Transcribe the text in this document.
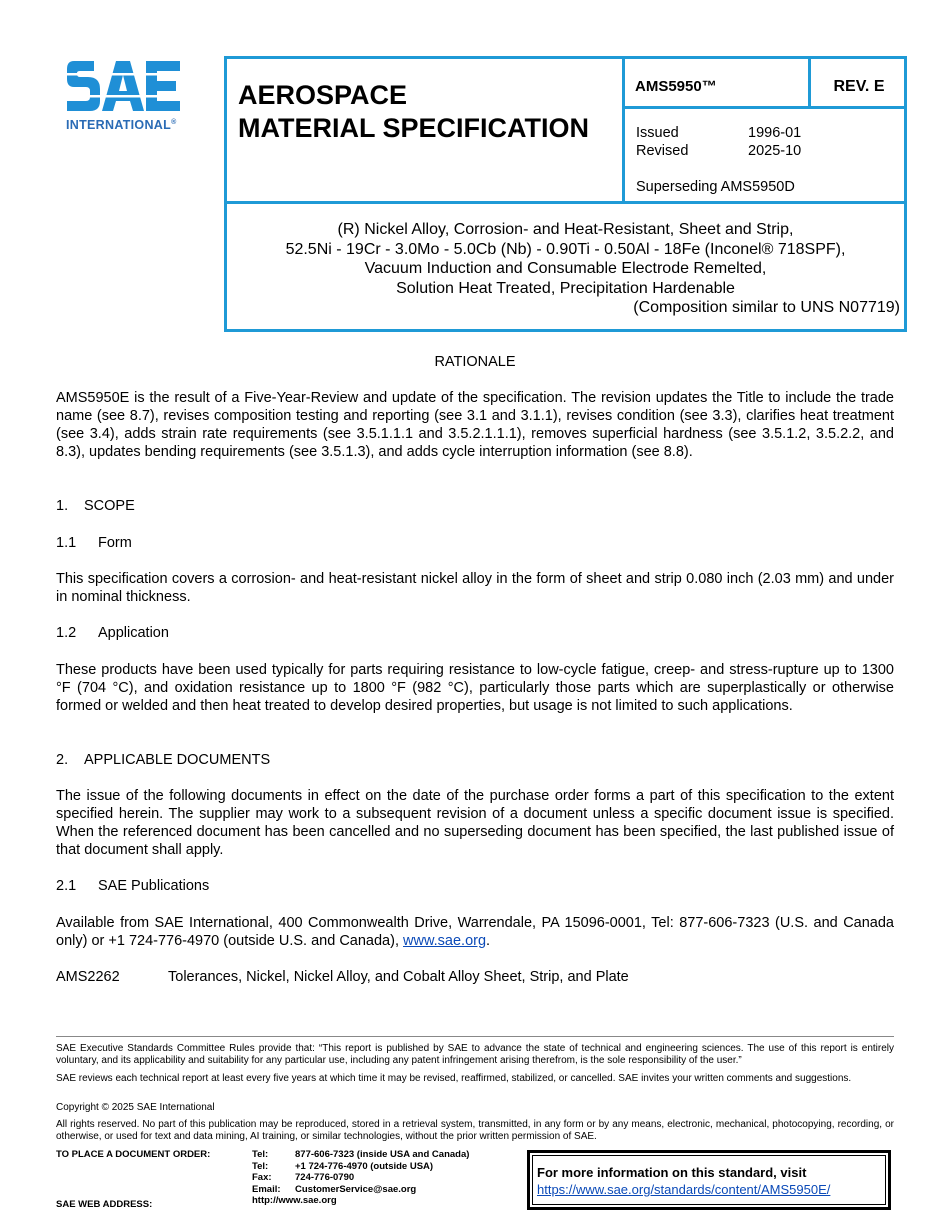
INTERNATIONAL®
AEROSPACE
MATERIAL SPECIFICATION
AMS5950™	REV. E
Issued	1996-01
Revised	2025-10
Superseding AMS5950D
(R) Nickel Alloy, Corrosion- and Heat-Resistant, Sheet and Strip,
52.5Ni - 19Cr - 3.0Mo - 5.0Cb (Nb) - 0.90Ti - 0.50Al - 18Fe (Inconel® 718SPF),
Vacuum Induction and Consumable Electrode Remelted,
Solution Heat Treated, Precipitation Hardenable
(Composition similar to UNS N07719)
RATIONALE
AMS5950E is the result of a Five-Year-Review and update of the specification. The revision updates the Title to include the trade name (see 8.7), revises composition testing and reporting (see 3.1 and 3.1.1), revises condition (see 3.3), clarifies heat treatment (see 3.4), adds strain rate requirements (see 3.5.1.1.1 and 3.5.2.1.1.1), removes superficial hardness (see 3.5.1.2, 3.5.2.2, and 8.3), updates bending requirements (see 3.5.1.3), and adds cycle interruption information (see 8.8).
1. SCOPE
1.1 Form
This specification covers a corrosion- and heat-resistant nickel alloy in the form of sheet and strip 0.080 inch (2.03 mm) and under in nominal thickness.
1.2 Application
These products have been used typically for parts requiring resistance to low-cycle fatigue, creep- and stress-rupture up to 1300 °F (704 °C), and oxidation resistance up to 1800 °F (982 °C), particularly those parts which are superplastically or otherwise formed or welded and then heat treated to develop desired properties, but usage is not limited to such applications.
2. APPLICABLE DOCUMENTS
The issue of the following documents in effect on the date of the purchase order forms a part of this specification to the extent specified herein. The supplier may work to a subsequent revision of a document unless a specific document issue is specified. When the referenced document has been cancelled and no superseding document has been specified, the last published issue of that document shall apply.
2.1 SAE Publications
Available from SAE International, 400 Commonwealth Drive, Warrendale, PA 15096-0001, Tel: 877-606-7323 (U.S. and Canada only) or +1 724-776-4970 (outside U.S. and Canada), www.sae.org.
AMS2262	Tolerances, Nickel, Nickel Alloy, and Cobalt Alloy Sheet, Strip, and Plate
SAE Executive Standards Committee Rules provide that: “This report is published by SAE to advance the state of technical and engineering sciences. The use of this report is entirely voluntary, and its applicability and suitability for any particular use, including any patent infringement arising therefrom, is the sole responsibility of the user.”
SAE reviews each technical report at least every five years at which time it may be revised, reaffirmed, stabilized, or cancelled. SAE invites your written comments and suggestions.
Copyright © 2025 SAE International
All rights reserved. No part of this publication may be reproduced, stored in a retrieval system, transmitted, in any form or by any means, electronic, mechanical, photocopying, recording, or otherwise, or used for text and data mining, AI training, or similar technologies, without the prior written permission of SAE.
TO PLACE A DOCUMENT ORDER:	Tel:	877-606-7323 (inside USA and Canada)
Tel:	+1 724-776-4970 (outside USA)
Fax: 724-776-0790
Email: CustomerService@sae.org
http://www.sae.org
SAE WEB ADDRESS:
For more information on this standard, visit
https://www.sae.org/standards/content/AMS5950E/
